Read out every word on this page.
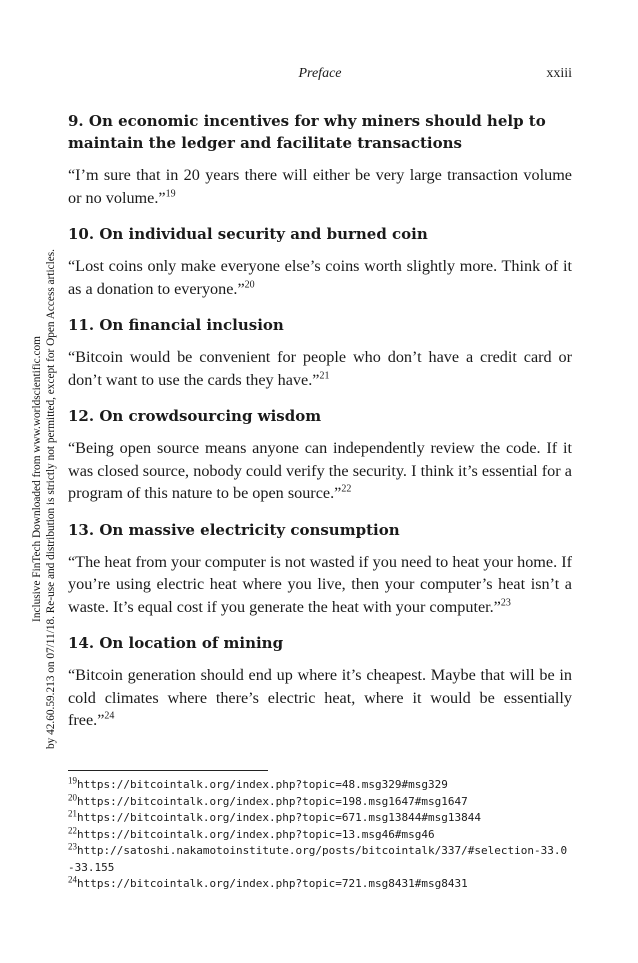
Preface	xxiii
Inclusive FinTech Downloaded from www.worldscientific.com by 42.60.59.213 on 07/11/18. Re-use and distribution is strictly not permitted, except for Open Access articles.
9. On economic incentives for why miners should help to maintain the ledger and facilitate transactions

“I’m sure that in 20 years there will either be very large transaction volume or no volume.”$^{19}$

10. On individual security and burned coin

“Lost coins only make everyone else’s coins worth slightly more. Think of it as a donation to everyone.”$^{20}$

11. On financial inclusion

“Bitcoin would be convenient for people who don’t have a credit card or don’t want to use the cards they have.”$^{21}$

12. On crowdsourcing wisdom

“Being open source means anyone can independently review the code. If it was closed source, nobody could verify the security. I think it’s essential for a program of this nature to be open source.”$^{22}$

13. On massive electricity consumption

“The heat from your computer is not wasted if you need to heat your home. If you’re using electric heat where you live, then your computer’s heat isn’t a waste. It’s equal cost if you generate the heat with your computer.”$^{23}$

14. On location of mining

“Bitcoin generation should end up where it’s cheapest. Maybe that will be in cold climates where there’s electric heat, where it would be essentially free.”$^{24}$

$^{19}$https://bitcointalk.org/index.php?topic=48.msg329#msg329
$^{20}$https://bitcointalk.org/index.php?topic=198.msg1647#msg1647
$^{21}$https://bitcointalk.org/index.php?topic=671.msg13844#msg13844
$^{22}$https://bitcointalk.org/index.php?topic=13.msg46#msg46
$^{23}$http://satoshi.nakamotoinstitute.org/posts/bitcointalk/337/#selection-33.0-33.155
$^{24}$https://bitcointalk.org/index.php?topic=721.msg8431#msg8431
